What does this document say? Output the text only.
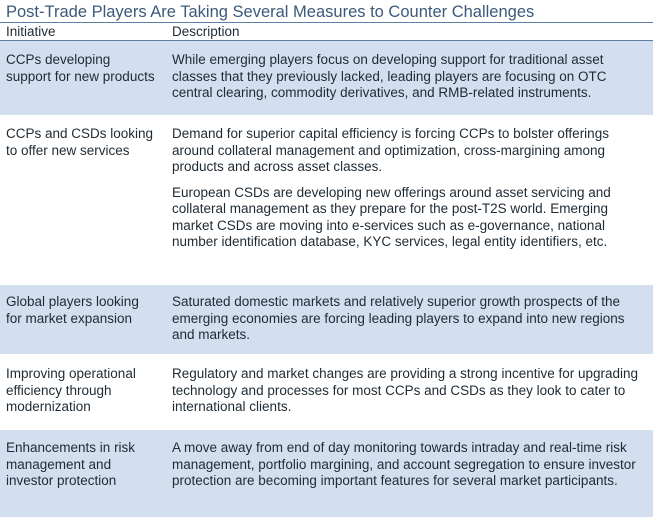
Post-Trade Players Are Taking Several Measures to Counter Challenges
Initiative	Description
CCPs developing support for new products

While emerging players focus on developing support for traditional asset classes that they previously lacked, leading players are focusing on OTC central clearing, commodity derivatives, and RMB-related instruments.

CCPs and CSDs looking to offer new services

Demand for superior capital efficiency is forcing CCPs to bolster offerings around collateral management and optimization, cross-margining among products and across asset classes.

European CSDs are developing new offerings around asset servicing and collateral management as they prepare for the post-T2S world. Emerging market CSDs are moving into e-services such as e-governance, national number identification database, KYC services, legal entity identifiers, etc.

Global players looking for market expansion

Saturated domestic markets and relatively superior growth prospects of the emerging economies are forcing leading players to expand into new regions and markets.

Improving operational efficiency through modernization

Regulatory and market changes are providing a strong incentive for upgrading technology and processes for most CCPs and CSDs as they look to cater to international clients.

Enhancements in risk management and investor protection

A move away from end of day monitoring towards intraday and real-time risk management, portfolio margining, and account segregation to ensure investor protection are becoming important features for several market participants.
